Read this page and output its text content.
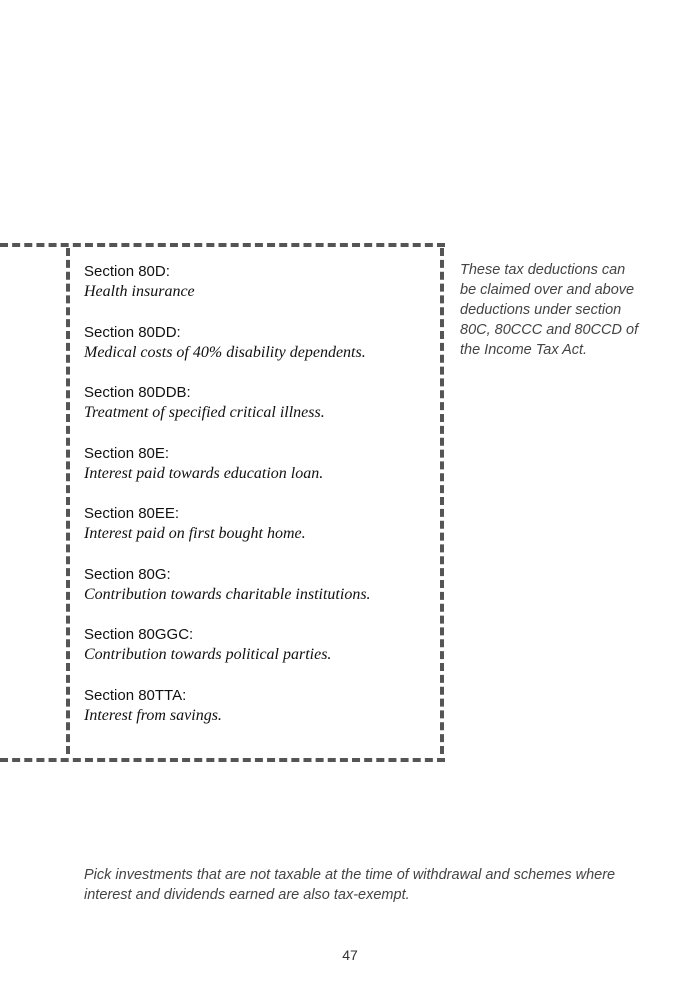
Section 80D:
Health insurance
Section 80DD:
Medical costs of 40% disability dependents.
Section 80DDB:
Treatment of specified critical illness.
Section 80E:
Interest paid towards education loan.
Section 80EE:
Interest paid on first bought home.
Section 80G:
Contribution towards charitable institutions.
Section 80GGC:
Contribution towards political parties.
Section 80TTA:
Interest from savings.

These tax deductions can be claimed over and above deductions under section 80C, 80CCC and 80CCD of the Income Tax Act.

Pick investments that are not taxable at the time of withdrawal and schemes where interest and dividends earned are also tax-exempt.

47
